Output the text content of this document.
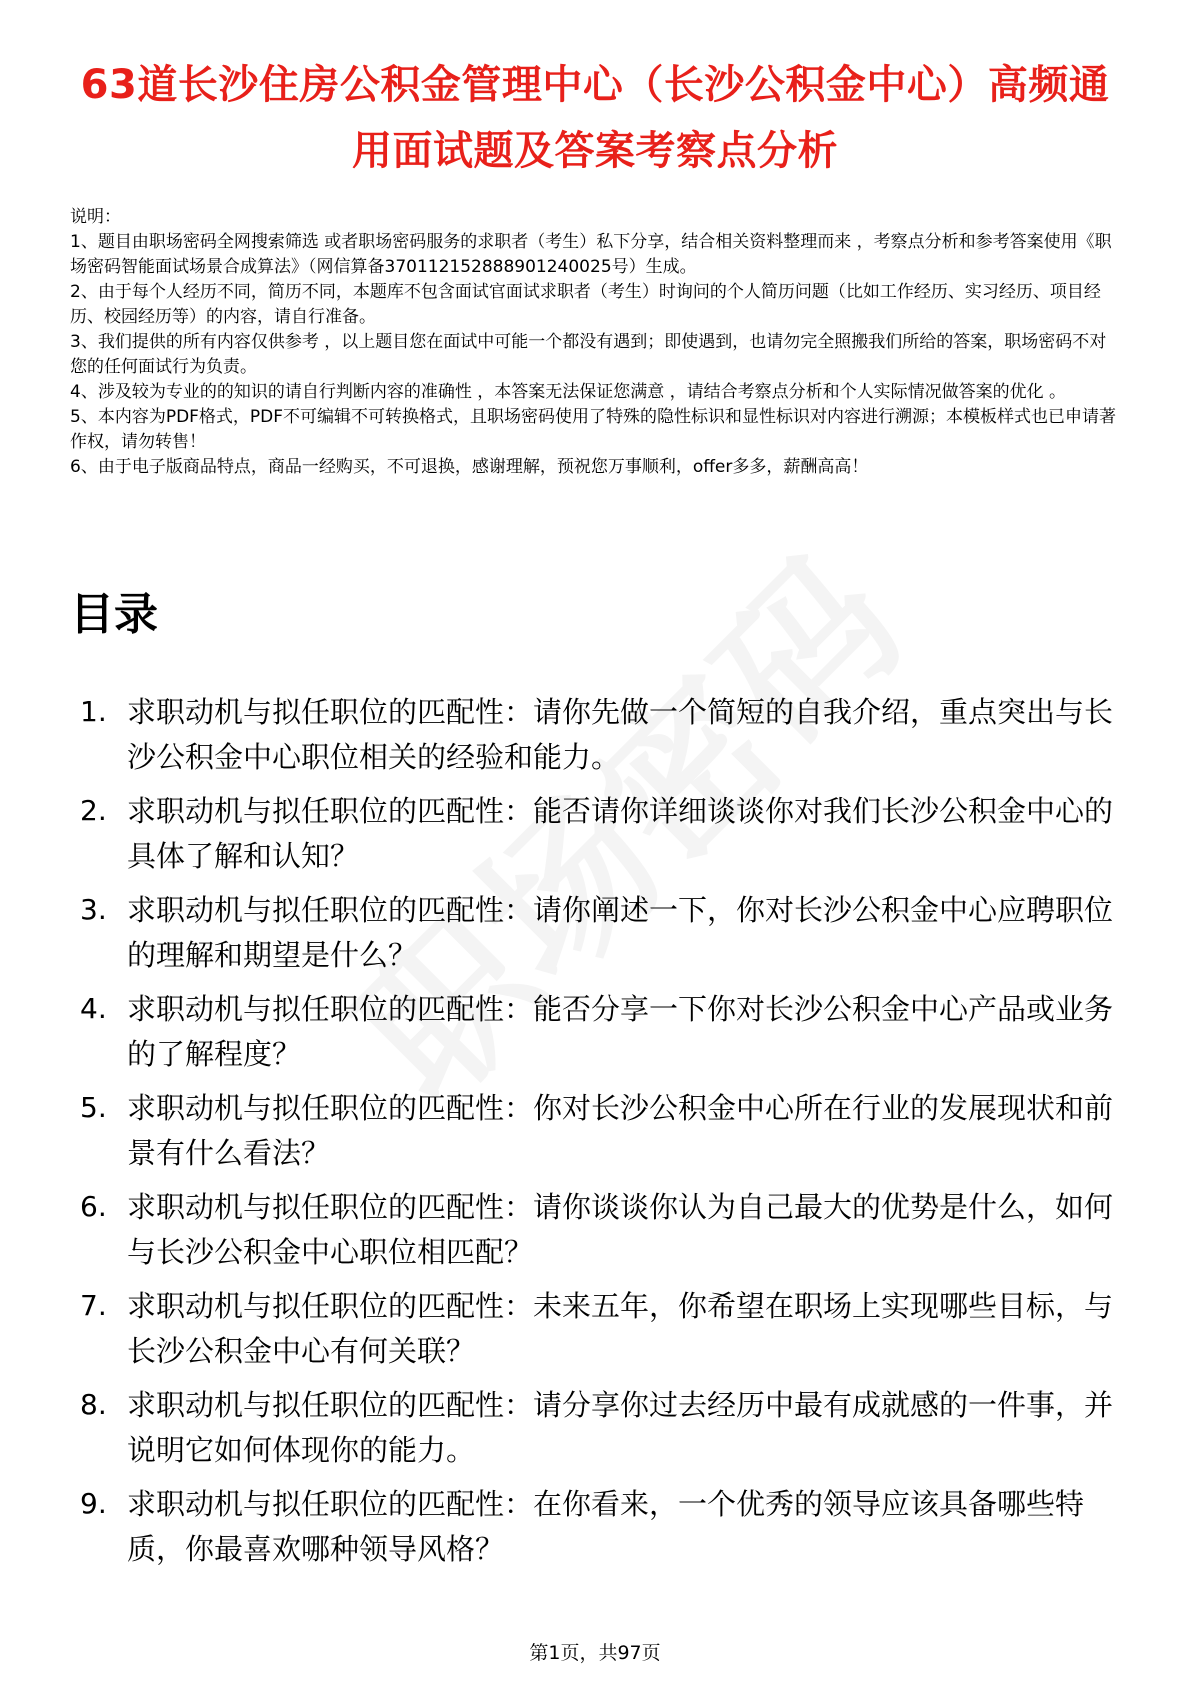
63道长沙住房公积金管理中心（长沙公积金中心）高频通用面试题及答案考察点分析

说明：

1、题目由职场密码全网搜索筛选 或者职场密码服务的求职者（考生）私下分享，结合相关资料整理而来 ，考察点分析和参考答案使用《职场密码智能面试场景合成算法》（网信算备370112152888901240025号）生成。

2、由于每个人经历不同，简历不同，本题库不包含面试官面试求职者（考生）时询问的个人简历问题（比如工作经历、实习经历、项目经历、校园经历等）的内容，请自行准备。

3、我们提供的所有内容仅供参考 ，以上题目您在面试中可能一个都没有遇到；即使遇到，也请勿完全照搬我们所给的答案，职场密码不对您的任何面试行为负责。

4、涉及较为专业的的知识的请自行判断内容的准确性 ，本答案无法保证您满意 ，请结合考察点分析和个人实际情况做答案的优化 。

5、本内容为PDF格式，PDF不可编辑不可转换格式，且职场密码使用了特殊的隐性标识和显性标识对内容进行溯源；本模板样式也已申请著作权，请勿转售！

6、由于电子版商品特点，商品一经购买，不可退换，感谢理解，预祝您万事顺利，offer多多，薪酬高高！

目录
1. 求职动机与拟任职位的匹配性：请你先做一个简短的自我介绍，重点突出与长沙公积金中心职位相关的经验和能力。
2. 求职动机与拟任职位的匹配性：能否请你详细谈谈你对我们长沙公积金中心的具体了解和认知？
3. 求职动机与拟任职位的匹配性：请你阐述一下，你对长沙公积金中心应聘职位的理解和期望是什么？
4. 求职动机与拟任职位的匹配性：能否分享一下你对长沙公积金中心产品或业务的了解程度？
5. 求职动机与拟任职位的匹配性：你对长沙公积金中心所在行业的发展现状和前景有什么看法？
6. 求职动机与拟任职位的匹配性：请你谈谈你认为自己最大的优势是什么，如何与长沙公积金中心职位相匹配？
7. 求职动机与拟任职位的匹配性：未来五年，你希望在职场上实现哪些目标，与长沙公积金中心有何关联？
8. 求职动机与拟任职位的匹配性：请分享你过去经历中最有成就感的一件事，并说明它如何体现你的能力。
9. 求职动机与拟任职位的匹配性：在你看来，一个优秀的领导应该具备哪些特质，你最喜欢哪种领导风格？
第1页，共97页
